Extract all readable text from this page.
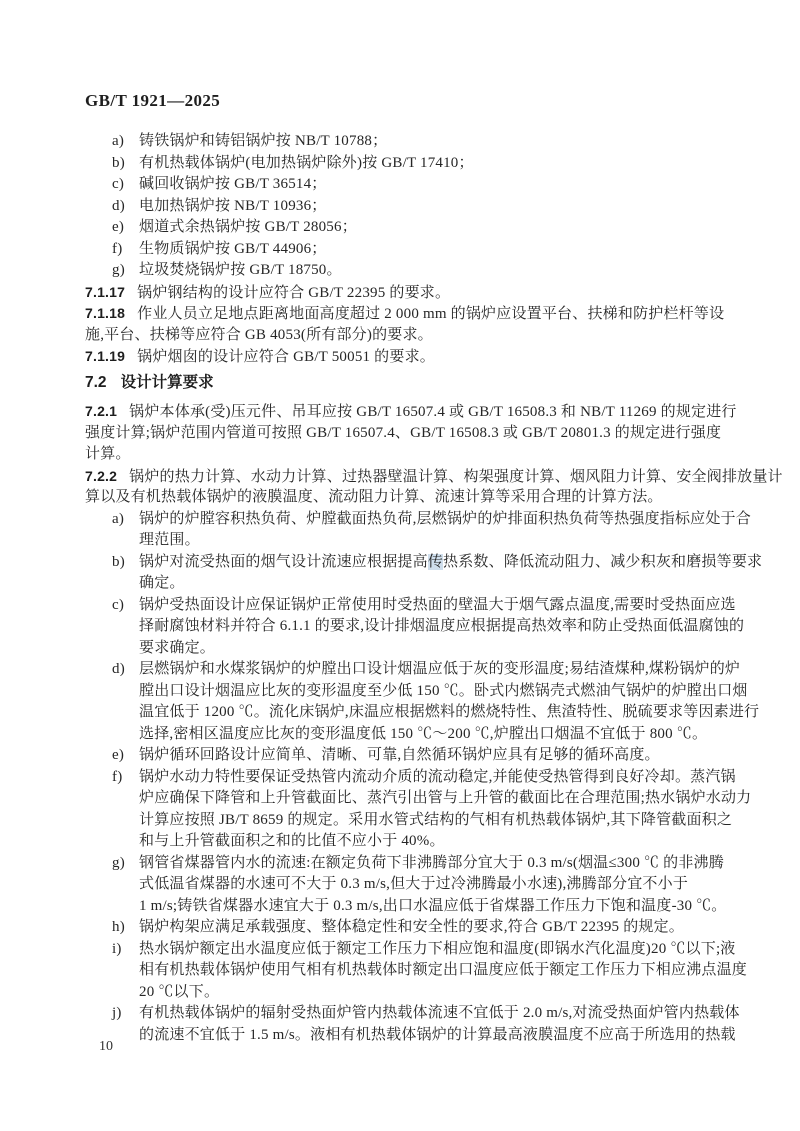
GB/T 1921—2025
a) 铸铁锅炉和铸铝锅炉按 NB/T 10788；
b) 有机热载体锅炉(电加热锅炉除外)按 GB/T 17410；
c) 碱回收锅炉按 GB/T 36514；
d) 电加热锅炉按 NB/T 10936；
e) 烟道式余热锅炉按 GB/T 28056；
f) 生物质锅炉按 GB/T 44906；
g) 垃圾焚烧锅炉按 GB/T 18750。
7.1.17 锅炉钢结构的设计应符合 GB/T 22395 的要求。
7.1.18 作业人员立足地点距离地面高度超过 2 000 mm 的锅炉应设置平台、扶梯和防护栏杆等设
施,平台、扶梯等应符合 GB 4053(所有部分)的要求。
7.1.19 锅炉烟囱的设计应符合 GB/T 50051 的要求。
7.2 设计计算要求
7.2.1 锅炉本体承(受)压元件、吊耳应按 GB/T 16507.4 或 GB/T 16508.3 和 NB/T 11269 的规定进行
强度计算;锅炉范围内管道可按照 GB/T 16507.4、GB/T 16508.3 或 GB/T 20801.3 的规定进行强度
计算。
7.2.2 锅炉的热力计算、水动力计算、过热器壁温计算、构架强度计算、烟风阻力计算、安全阀排放量计
算以及有机热载体锅炉的液膜温度、流动阻力计算、流速计算等采用合理的计算方法。
a) 锅炉的炉膛容积热负荷、炉膛截面热负荷,层燃锅炉的炉排面积热负荷等热强度指标应处于合
理范围。
b) 锅炉对流受热面的烟气设计流速应根据提高传热系数、降低流动阻力、减少积灰和磨损等要求
确定。
c) 锅炉受热面设计应保证锅炉正常使用时受热面的壁温大于烟气露点温度,需要时受热面应选
择耐腐蚀材料并符合 6.1.1 的要求,设计排烟温度应根据提高热效率和防止受热面低温腐蚀的
要求确定。
d) 层燃锅炉和水煤浆锅炉的炉膛出口设计烟温应低于灰的变形温度;易结渣煤种,煤粉锅炉的炉
膛出口设计烟温应比灰的变形温度至少低 150 ℃。卧式内燃锅壳式燃油气锅炉的炉膛出口烟
温宜低于 1200 ℃。流化床锅炉,床温应根据燃料的燃烧特性、焦渣特性、脱硫要求等因素进行
选择,密相区温度应比灰的变形温度低 150 ℃～200 ℃,炉膛出口烟温不宜低于 800 ℃。
e) 锅炉循环回路设计应简单、清晰、可靠,自然循环锅炉应具有足够的循环高度。
f) 锅炉水动力特性要保证受热管内流动介质的流动稳定,并能使受热管得到良好冷却。蒸汽锅
炉应确保下降管和上升管截面比、蒸汽引出管与上升管的截面比在合理范围;热水锅炉水动力
计算应按照 JB/T 8659 的规定。采用水管式结构的气相有机热载体锅炉,其下降管截面积之
和与上升管截面积之和的比值不应小于 40%。
g) 钢管省煤器管内水的流速:在额定负荷下非沸腾部分宜大于 0.3 m/s(烟温≤300 ℃ 的非沸腾
式低温省煤器的水速可不大于 0.3 m/s,但大于过冷沸腾最小水速),沸腾部分宜不小于
1 m/s;铸铁省煤器水速宜大于 0.3 m/s,出口水温应低于省煤器工作压力下饱和温度-30 ℃。
h) 锅炉构架应满足承载强度、整体稳定性和安全性的要求,符合 GB/T 22395 的规定。
i) 热水锅炉额定出水温度应低于额定工作压力下相应饱和温度(即锅水汽化温度)20 ℃以下;液
相有机热载体锅炉使用气相有机热载体时额定出口温度应低于额定工作压力下相应沸点温度
20 ℃以下。
j) 有机热载体锅炉的辐射受热面炉管内热载体流速不宜低于 2.0 m/s,对流受热面炉管内热载体
的流速不宜低于 1.5 m/s。液相有机热载体锅炉的计算最高液膜温度不应高于所选用的热载
10
